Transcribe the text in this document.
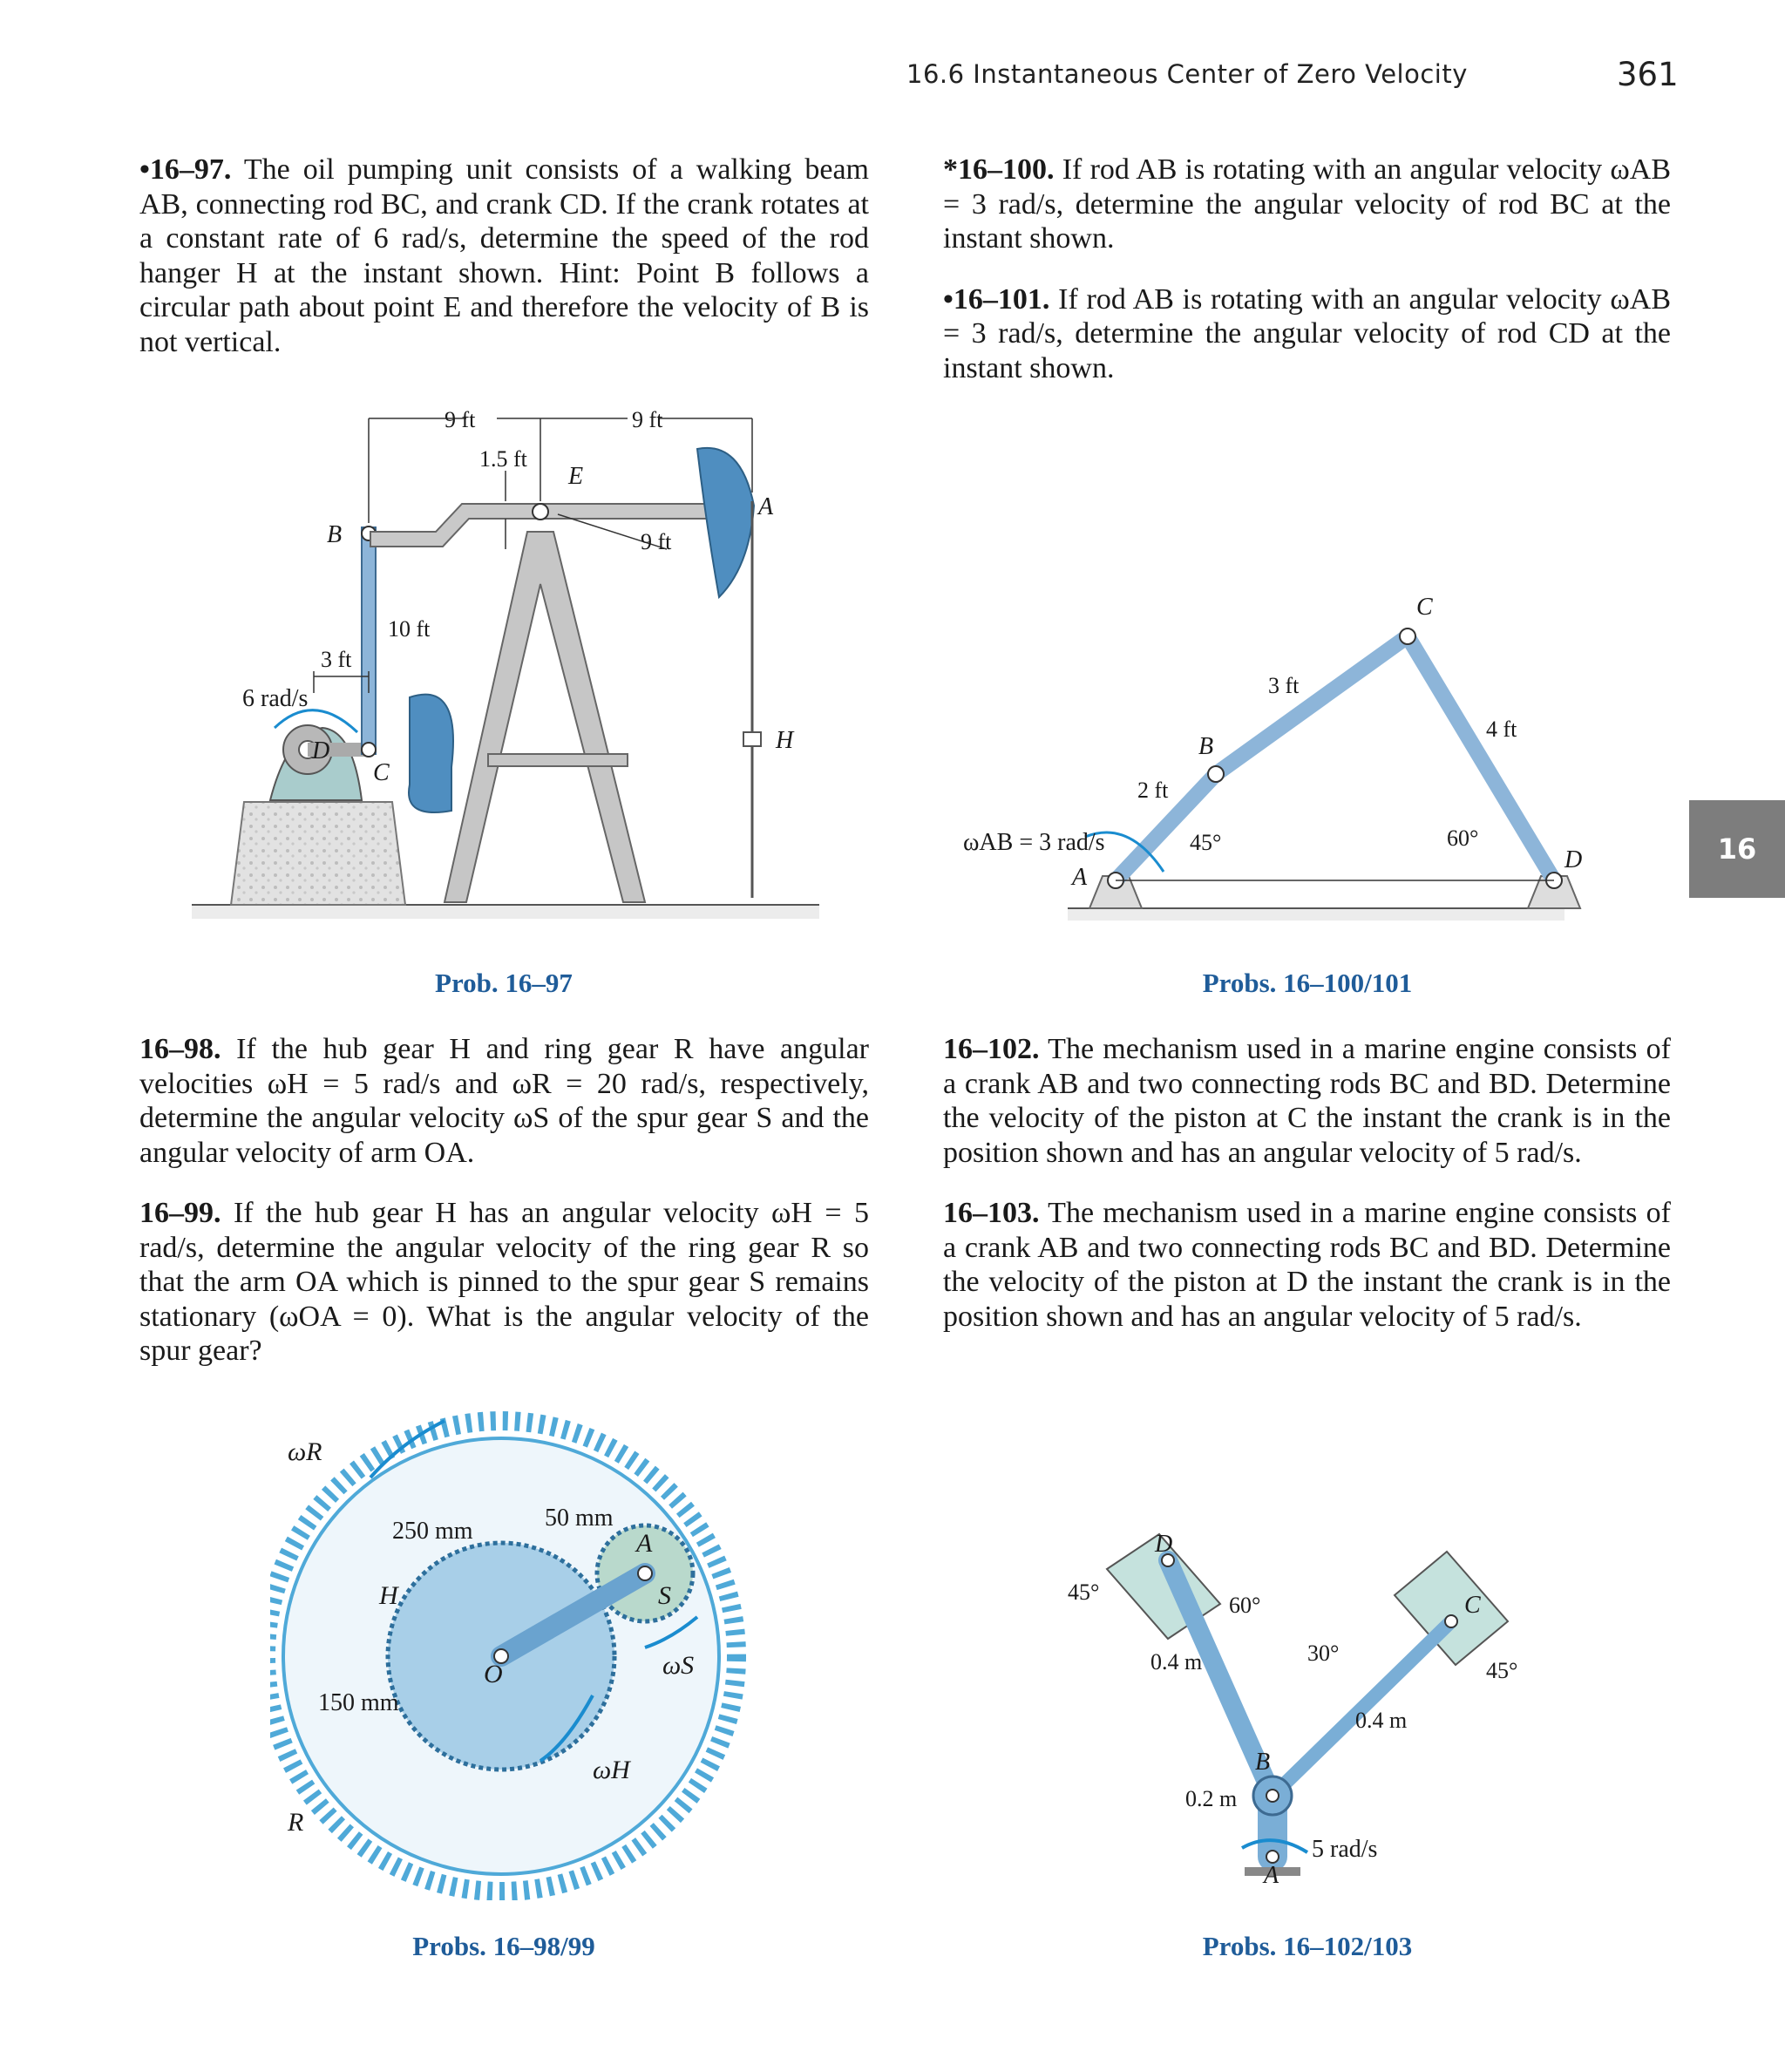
16.6 Instantaneous Center of Zero Velocity	361
•16–97. The oil pumping unit consists of a walking beam AB, connecting rod BC, and crank CD. If the crank rotates at a constant rate of 6 rad/s, determine the speed of the rod hanger H at the instant shown. Hint: Point B follows a circular path about point E and therefore the velocity of B is not vertical.
16–98. If the hub gear H and ring gear R have angular velocities ωH = 5 rad/s and ωR = 20 rad/s, respectively, determine the angular velocity ωS of the spur gear S and the angular velocity of arm OA.
16–99. If the hub gear H has an angular velocity ωH = 5 rad/s, determine the angular velocity of the ring gear R so that the arm OA which is pinned to the spur gear S remains stationary (ωOA = 0). What is the angular velocity of the spur gear?
*16–100. If rod AB is rotating with an angular velocity ωAB = 3 rad/s, determine the angular velocity of rod BC at the instant shown.
•16–101. If rod AB is rotating with an angular velocity ωAB = 3 rad/s, determine the angular velocity of rod CD at the instant shown.
16–102. The mechanism used in a marine engine consists of a crank AB and two connecting rods BC and BD. Determine the velocity of the piston at C the instant the crank is in the position shown and has an angular velocity of 5 rad/s.
16–103. The mechanism used in a marine engine consists of a crank AB and two connecting rods BC and BD. Determine the velocity of the piston at D the instant the crank is in the position shown and has an angular velocity of 5 rad/s.
9 ft	9 ft
1.5 ft
9 ft
10 ft
3 ft
6 rad/s
A
B
C
D
E
H
Prob. 16–97
ωAB = 3 rad/s
2 ft
3 ft
4 ft
45°	60°
A
B
C
D
Probs. 16–100/101
ωR
ωS
ωH
250 mm	50 mm
150 mm
A
S
H
O
R
Probs. 16–98/99
45°
60°
30°
45°
0.4 m
0.4 m
0.2 m
5 rad/s
A
B
C
D
Probs. 16–102/103
16
